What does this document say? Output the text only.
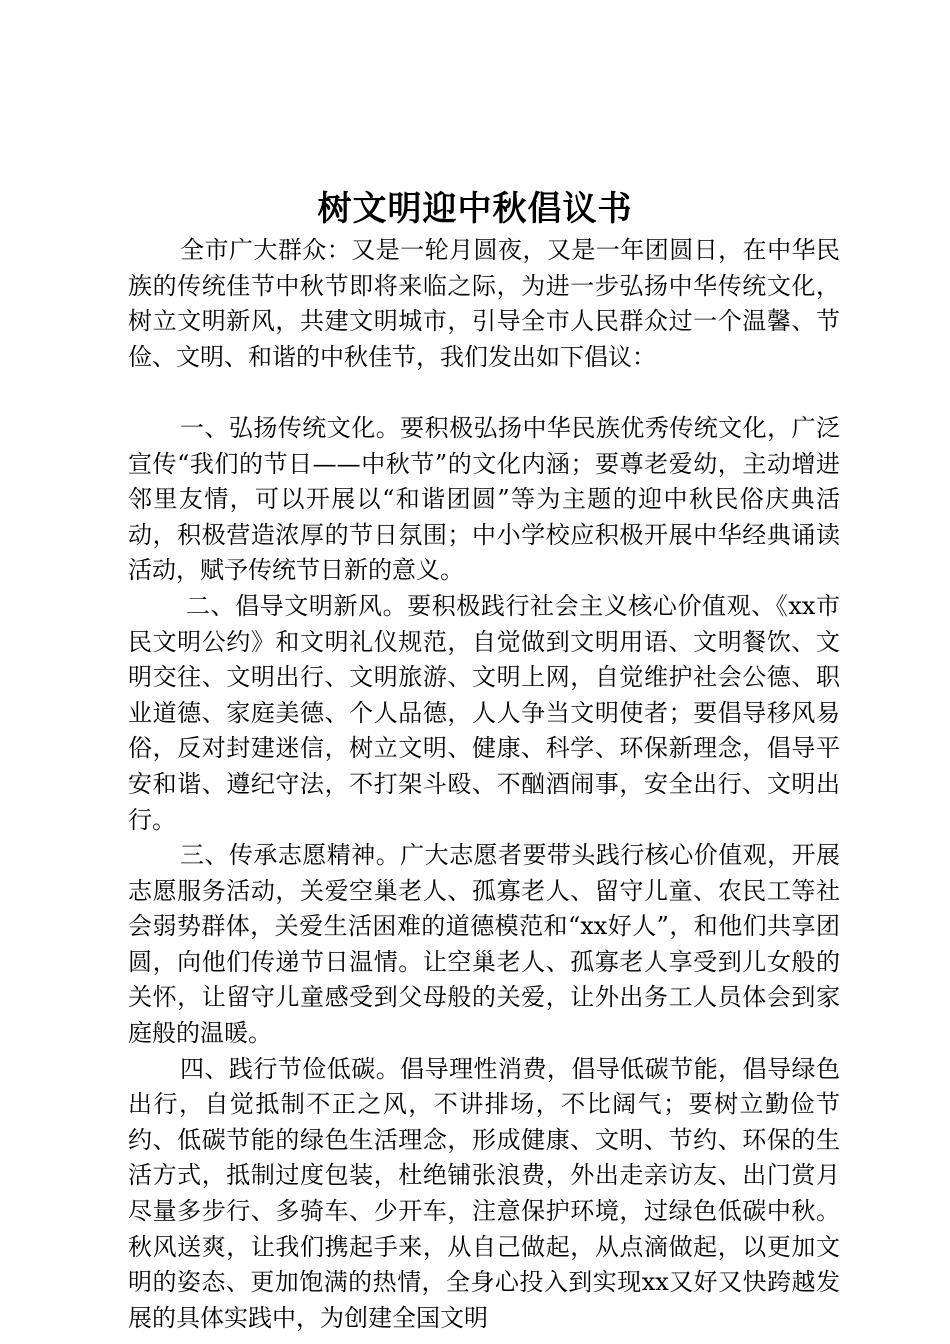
树文明迎中秋倡议书

全市广大群众：又是一轮月圆夜，又是一年团圆日，在中华民族的传统佳节中秋节即将来临之际，为进一步弘扬中华传统文化，树立文明新风，共建文明城市，引导全市人民群众过一个温馨、节俭、文明、和谐的中秋佳节，我们发出如下倡议：

一、弘扬传统文化。要积极弘扬中华民族优秀传统文化，广泛宣传“我们的节日——中秋节”的文化内涵；要尊老爱幼，主动增进邻里友情，可以开展以“和谐团圆”等为主题的迎中秋民俗庆典活动，积极营造浓厚的节日氛围；中小学校应积极开展中华经典诵读活动，赋予传统节日新的意义。

二、倡导文明新风。要积极践行社会主义核心价值观、《xx市民文明公约》和文明礼仪规范，自觉做到文明用语、文明餐饮、文明交往、文明出行、文明旅游、文明上网，自觉维护社会公德、职业道德、家庭美德、个人品德，人人争当文明使者；要倡导移风易俗，反对封建迷信，树立文明、健康、科学、环保新理念，倡导平安和谐、遵纪守法，不打架斗殴、不酗酒闹事，安全出行、文明出行。

三、传承志愿精神。广大志愿者要带头践行核心价值观，开展志愿服务活动，关爱空巢老人、孤寡老人、留守儿童、农民工等社会弱势群体，关爱生活困难的道德模范和“xx好人”，和他们共享团圆，向他们传递节日温情。让空巢老人、孤寡老人享受到儿女般的关怀，让留守儿童感受到父母般的关爱，让外出务工人员体会到家庭般的温暖。

四、践行节俭低碳。倡导理性消费，倡导低碳节能，倡导绿色出行，自觉抵制不正之风，不讲排场，不比阔气；要树立勤俭节约、低碳节能的绿色生活理念，形成健康、文明、节约、环保的生活方式，抵制过度包装，杜绝铺张浪费，外出走亲访友、出门赏月尽量多步行、多骑车、少开车，注意保护环境，过绿色低碳中秋。秋风送爽，让我们携起手来，从自己做起，从点滴做起，以更加文明的姿态、更加饱满的热情，全身心投入到实现xx又好又快跨越发展的具体实践中，为创建全国文明
